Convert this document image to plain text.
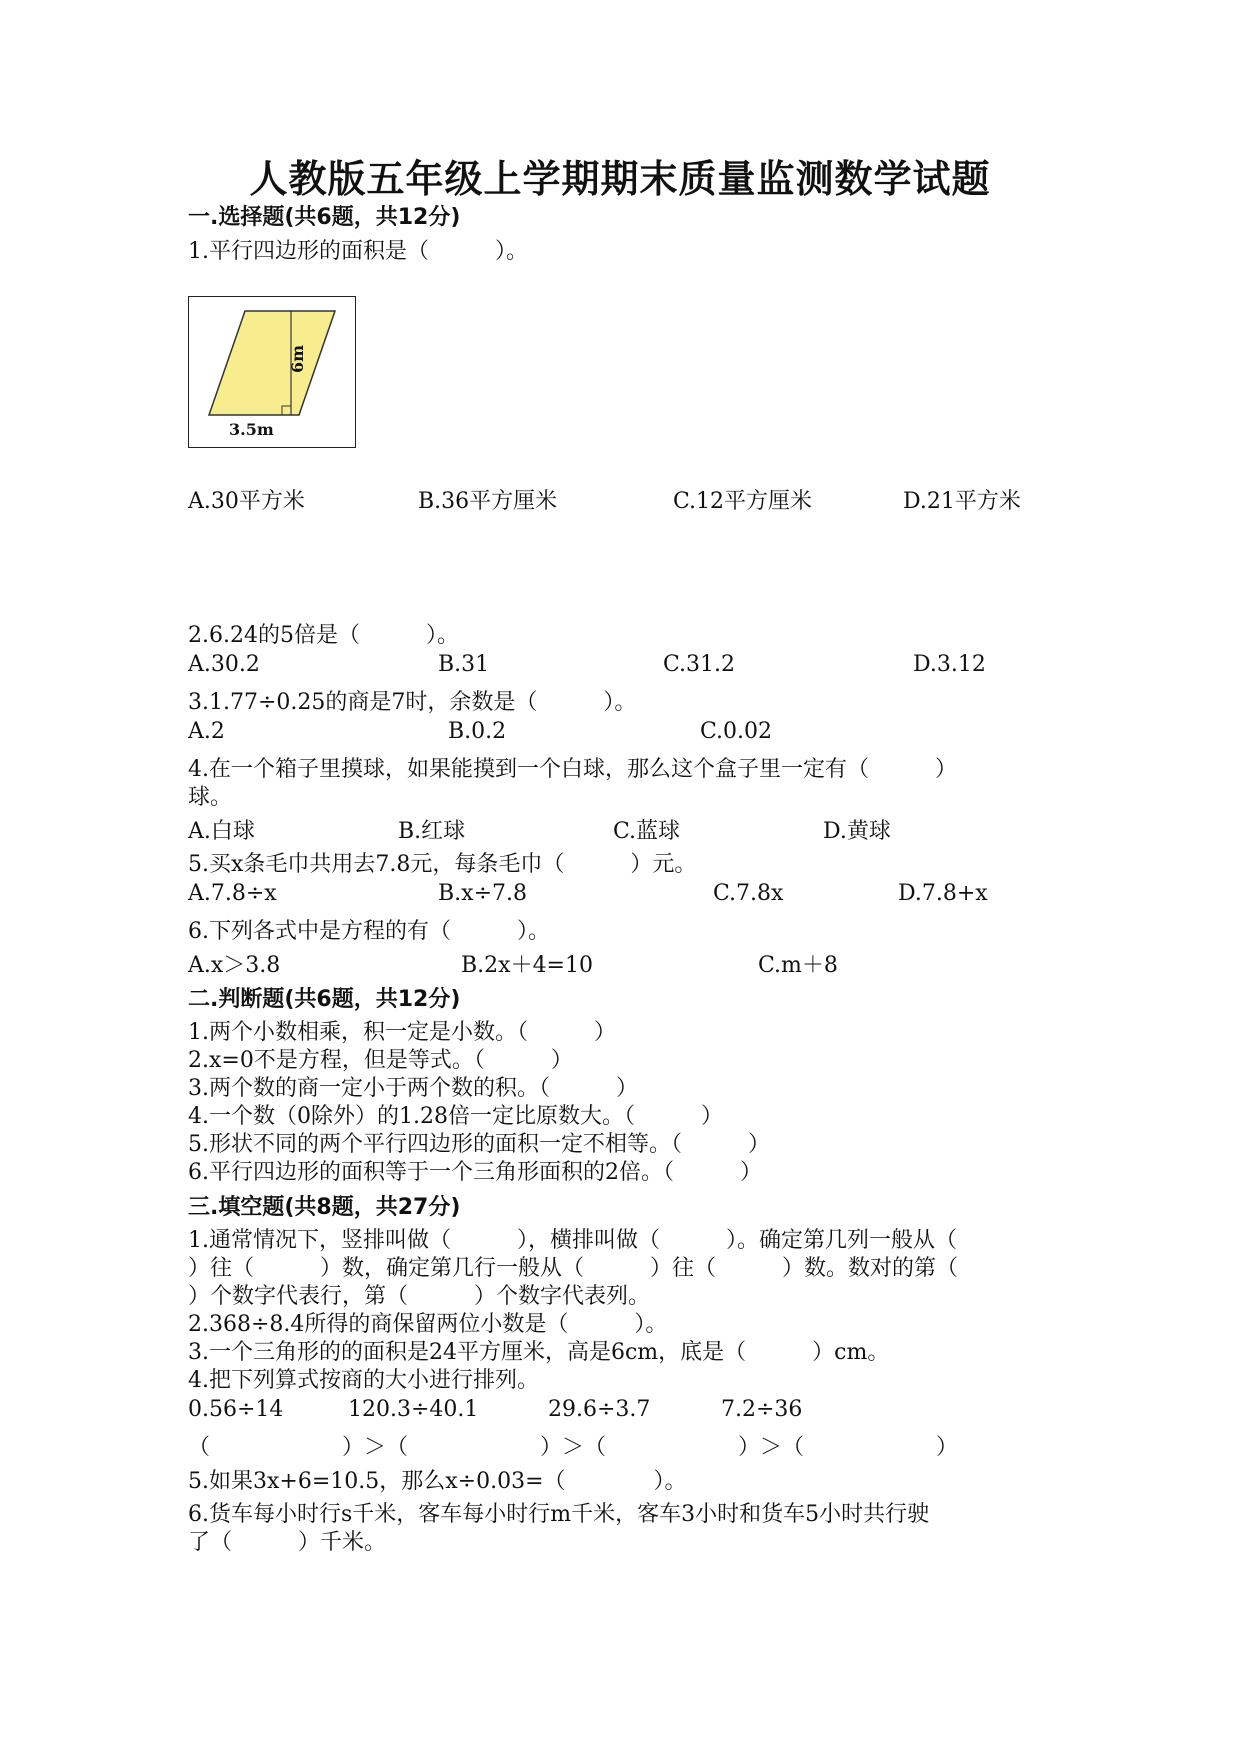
人教版五年级上学期期末质量监测数学试题
一.选择题(共6题，共12分)
1.平行四边形的面积是（　　　）。
6m
3.5m
A.30平方米	B.36平方厘米	C.12平方厘米	D.21平方米
2.6.24的5倍是（　　　）。
A.30.2	B.31	C.31.2	D.3.12
3.1.77÷0.25的商是7时，余数是（　　　）。
A.2	B.0.2	C.0.02
4.在一个箱子里摸球，如果能摸到一个白球，那么这个盒子里一定有（　　　）
球。
A.白球	B.红球	C.蓝球	D.黄球
5.买x条毛巾共用去7.8元，每条毛巾（　　　）元。
A.7.8÷x	B.x÷7.8	C.7.8x	D.7.8+x
6.下列各式中是方程的有（　　　）。
A.x＞3.8	B.2x＋4=10	C.m＋8
二.判断题(共6题，共12分)
1.两个小数相乘，积一定是小数。（　　　）
2.x=0不是方程，但是等式。（　　　）
3.两个数的商一定小于两个数的积。（　　　）
4.一个数（0除外）的1.28倍一定比原数大。（　　　）
5.形状不同的两个平行四边形的面积一定不相等。（　　　）
6.平行四边形的面积等于一个三角形面积的2倍。（　　　）
三.填空题(共8题，共27分)
1.通常情况下，竖排叫做（　　　），横排叫做（　　　）。确定第几列一般从（
）往（　　　）数，确定第几行一般从（　　　）往（　　　）数。数对的第（
）个数字代表行，第（　　　）个数字代表列。
2.368÷8.4所得的商保留两位小数是（　　　）。
3.一个三角形的的面积是24平方厘米，高是6cm，底是（　　　）cm。
4.把下列算式按商的大小进行排列。
0.56÷14	120.3÷40.1	29.6÷3.7	7.2÷36
（　　　　　　）＞（　　　　　　）＞（　　　　　　）＞（　　　　　　）
5.如果3x+6=10.5，那么x÷0.03=（　　　　）。
6.货车每小时行s千米，客车每小时行m千米，客车3小时和货车5小时共行驶
了（　　　）千米。
